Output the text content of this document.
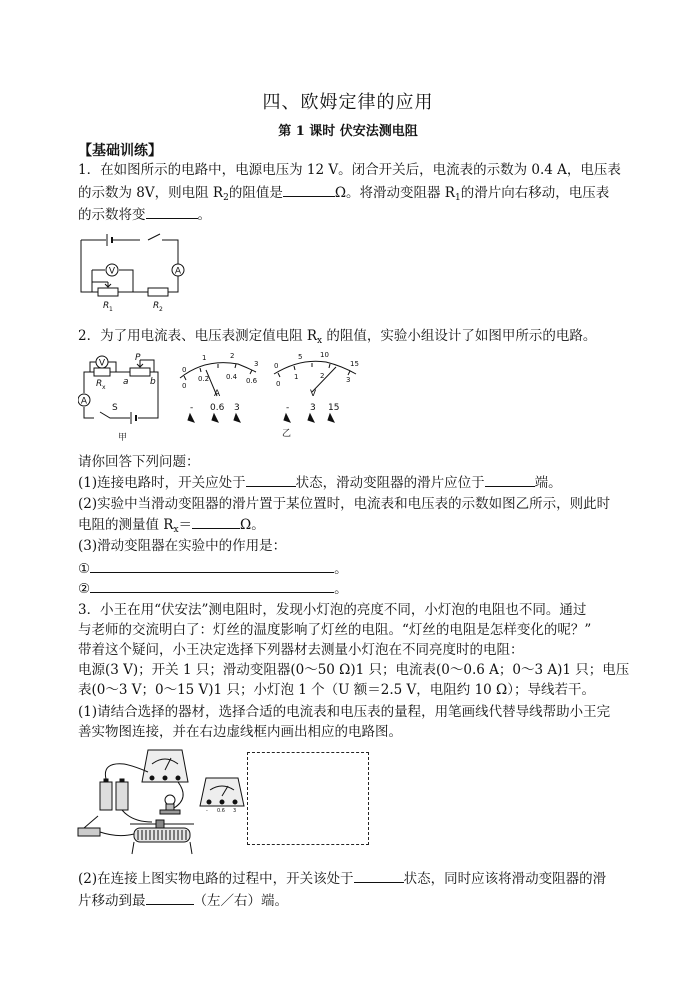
四、欧姆定律的应用
第 1 课时 伏安法测电阻
【基础训练】
1．在如图所示的电路中，电源电压为 12 V。闭合开关后，电流表的示数为 0.4 A，电压表
的示数为 8V，则电阻 $R_2$的阻值是	Ω。将滑动变阻器 $R_1$的滑片向右移动，电压表
的示数将变	。
V	A
R 1	R 2
2．为了用电流表、电压表测定值电阻 $R_x$ 的阻值，实验小组设计了如图甲所示的电路。
V
A
P
R x
a b
S
甲
0
1	2
3
0
0.2 0.4 0.6
A
- 0.6 3
0
5	10
15
0
1	2	3
V
- 3 15
乙
请你回答下列问题：
(1)连接电路时，开关应处于	状态，滑动变阻器的滑片应位于	端。
(2)实验中当滑动变阻器的滑片置于某位置时，电流表和电压表的示数如图乙所示，则此时
电阻的测量值 $R_x=$	Ω。
(3)滑动变阻器在实验中的作用是：
①	。
②	。
3．小王在用“伏安法”测电阻时，发现小灯泡的亮度不同，小灯泡的电阻也不同。通过
与老师的交流明白了：灯丝的温度影响了灯丝的电阻。“灯丝的电阻是怎样变化的呢？”
带着这个疑问，小王决定选择下列器材去测量小灯泡在不同亮度时的电阻：
电源(3 V)；开关 1 只；滑动变阻器(0～50 Ω)1 只；电流表(0～0.6 A；0～3 A)1 只；电压
表(0～3 V；0～15 V)1 只；小灯泡 1 个（U 额＝2.5 V，电阻约 10 Ω）；导线若干。
(1)请结合选择的器材，选择合适的电流表和电压表的量程，用笔画线代替导线帮助小王完
善实物图连接，并在右边虚线框内画出相应的电路图。
- 0.6 3
(2)在连接上图实物电路的过程中，开关该处于	状态，同时应该将滑动变阻器的滑
片移动到最	（左／右）端。
